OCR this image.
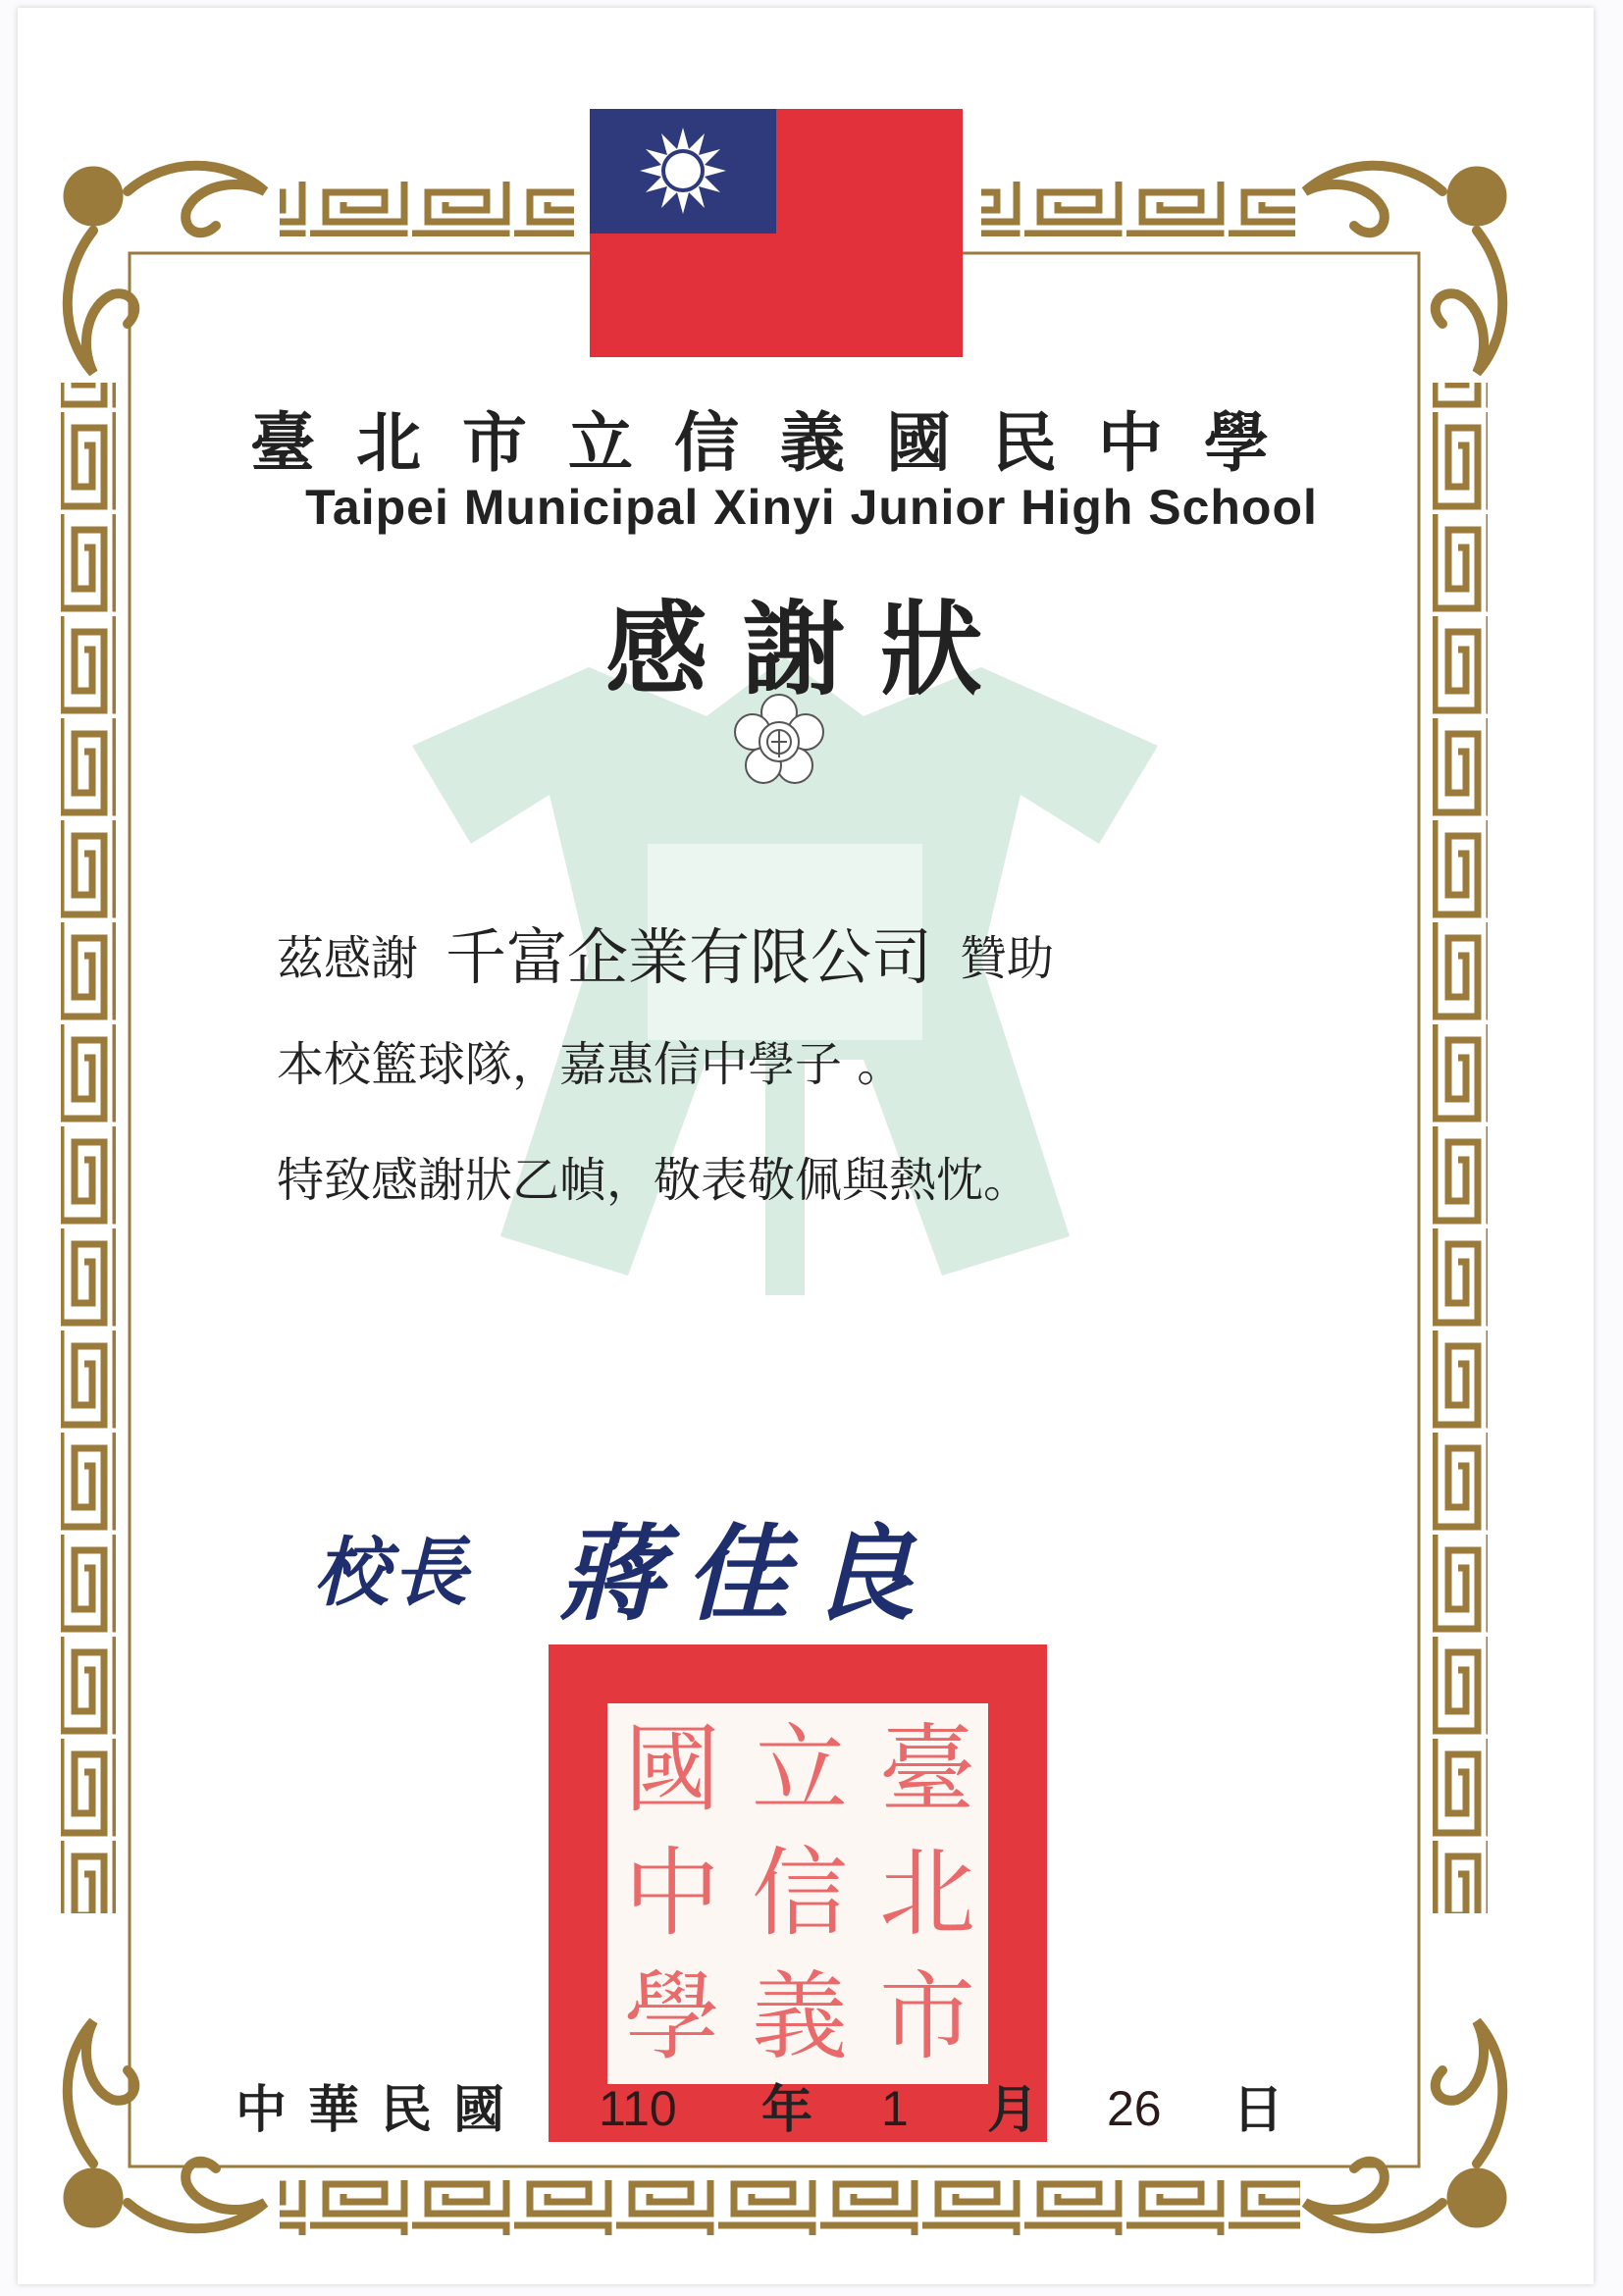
臺北市立信義國民中學
Taipei Municipal Xinyi Junior High School
感謝狀
茲感謝 千富企業有限公司 贊助
本校籃球隊，嘉惠信中學子 。
特致感謝狀乙幀，敬表敬佩與熱忱。
校長 蔣佳良
臺
北
市
立
信
義
國
中
學
中華民國 110 年 1 月 26 日
